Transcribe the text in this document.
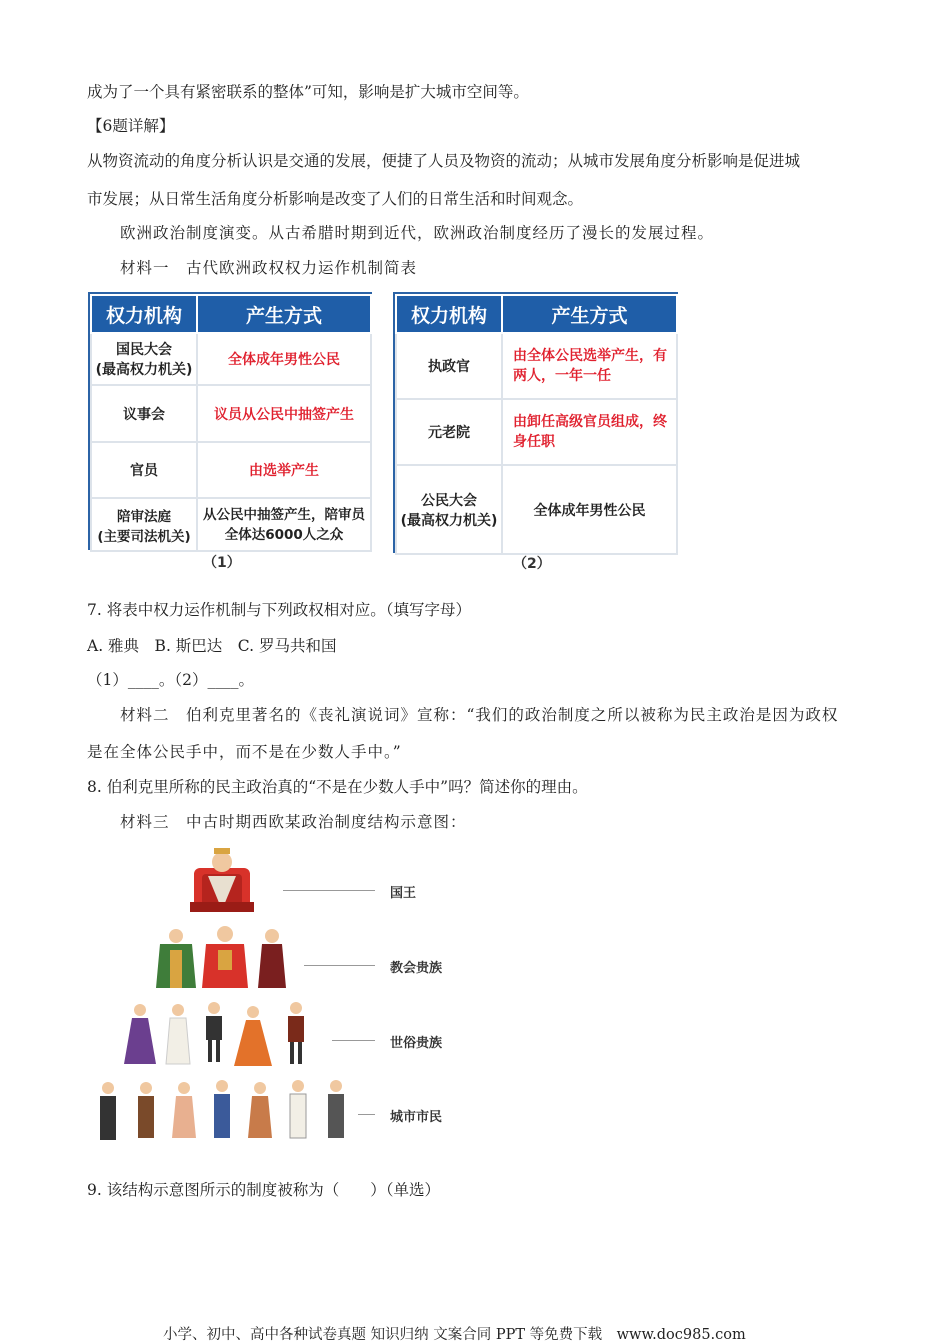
成为了一个具有紧密联系的整体”可知，影响是扩大城市空间等。
【6题详解】
从物资流动的角度分析认识是交通的发展，便捷了人员及物资的流动；从城市发展角度分析影响是促进城
市发展；从日常生活角度分析影响是改变了人们的日常生活和时间观念。
欧洲政治制度演变。从古希腊时期到近代，欧洲政治制度经历了漫长的发展过程。
材料一　古代欧洲政权权力运作机制简表
权力机构	产生方式
国民大会
(最高权力机关)	全体成年男性公民
议事会	议员从公民中抽签产生
官员	由选举产生
陪审法庭
(主要司法机关)	从公民中抽签产生，陪审员全体达6000人之众
（1）
权力机构	产生方式
执政官	由全体公民选举产生，有两人，一年一任
元老院	由卸任高级官员组成，终身任职
公民大会
(最高权力机关)	全体成年男性公民
（2）
7. 将表中权力运作机制与下列政权相对应。（填写字母）
A. 雅典　B. 斯巴达　C. 罗马共和国
（1）____。（2）____。
材料二　伯利克里著名的《丧礼演说词》宣称：“我们的政治制度之所以被称为民主政治是因为政权
是在全体公民手中，而不是在少数人手中。”
8. 伯利克里所称的民主政治真的“不是在少数人手中”吗？简述你的理由。
材料三　中古时期西欧某政治制度结构示意图：
国王
教会贵族
世俗贵族
城市市民
9. 该结构示意图所示的制度被称为（　　）（单选）
小学、初中、高中各种试卷真题 知识归纳 文案合同 PPT 等免费下载　www.doc985.com
